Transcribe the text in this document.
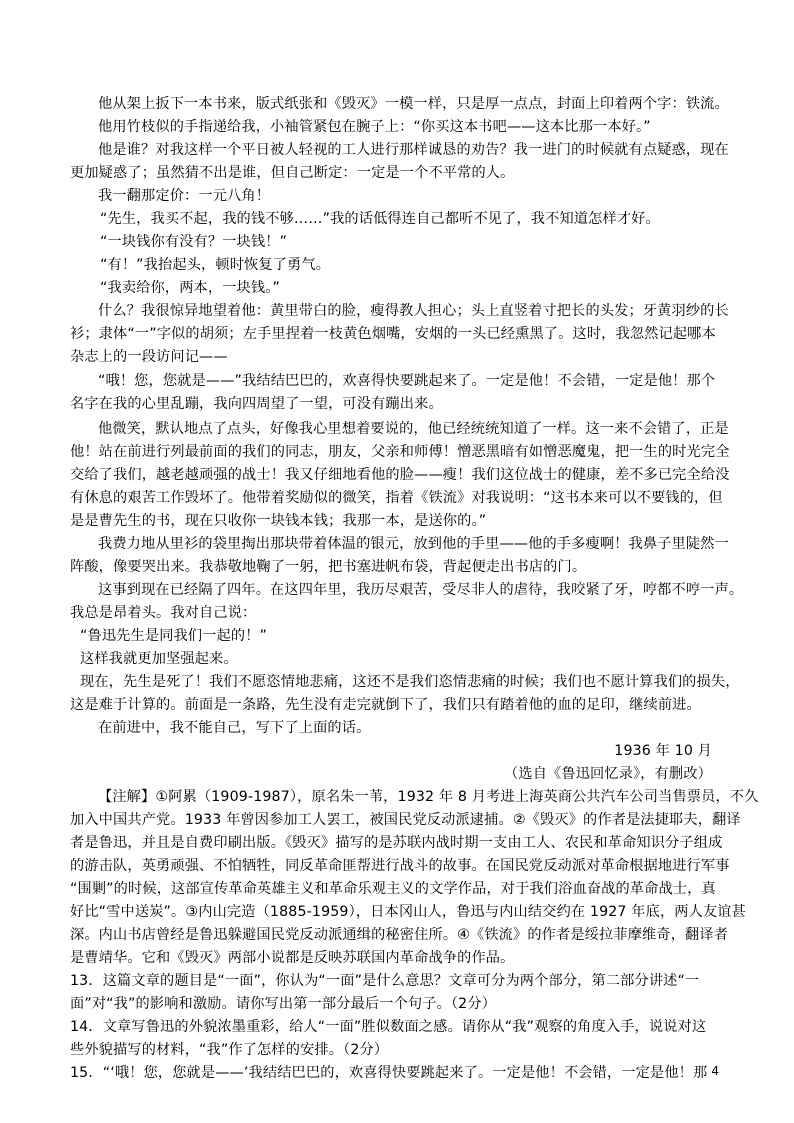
他从架上扳下一本书来，版式纸张和《毁灭》一模一样，只是厚一点点，封面上印着两个字：铁流。
他用竹枝似的手指递给我，小袖管紧包在腕子上：“你买这本书吧——这本比那一本好。”
他是谁？对我这样一个平日被人轻视的工人进行那样诚恳的劝告？我一进门的时候就有点疑惑，现在
更加疑惑了；虽然猜不出是谁，但自己断定：一定是一个不平常的人。
我一翻那定价：一元八角！
“先生，我买不起，我的钱不够……”我的话低得连自己都听不见了，我不知道怎样才好。
“一块钱你有没有？一块钱！”
“有！”我抬起头，顿时恢复了勇气。
“我卖给你，两本，一块钱。”
什么？我很惊异地望着他：黄里带白的脸，瘦得教人担心；头上直竖着寸把长的头发；牙黄羽纱的长
衫；隶体“一”字似的胡须；左手里捏着一枝黄色烟嘴，安烟的一头已经熏黑了。这时，我忽然记起哪本
杂志上的一段访问记——
“哦！您，您就是——”我结结巴巴的，欢喜得快要跳起来了。一定是他！不会错，一定是他！那个
名字在我的心里乱蹦，我向四周望了一望，可没有蹦出来。
他微笑，默认地点了点头，好像我心里想着要说的，他已经统统知道了一样。这一来不会错了，正是
他！站在前进行列最前面的我们的同志，朋友，父亲和师傅！憎恶黑暗有如憎恶魔鬼，把一生的时光完全
交给了我们，越老越顽强的战士！我又仔细地看他的脸——瘦！我们这位战士的健康，差不多已完全给没
有休息的艰苦工作毁坏了。他带着奖励似的微笑，指着《铁流》对我说明：“这书本来可以不要钱的，但
是是曹先生的书，现在只收你一块钱本钱；我那一本，是送你的。”
我费力地从里衫的袋里掏出那块带着体温的银元，放到他的手里——他的手多瘦啊！我鼻子里陡然一
阵酸，像要哭出来。我恭敬地鞠了一躬，把书塞进帆布袋，背起便走出书店的门。
这事到现在已经隔了四年。在这四年里，我历尽艰苦，受尽非人的虐待，我咬紧了牙，哼都不哼一声。
我总是昂着头。我对自己说：
“鲁迅先生是同我们一起的！”
这样我就更加坚强起来。
现在，先生是死了！我们不愿恣情地悲痛，这还不是我们恣情悲痛的时候；我们也不愿计算我们的损失，
这是难于计算的。前面是一条路，先生没有走完就倒下了，我们只有踏着他的血的足印，继续前进。
在前进中，我不能自己，写下了上面的话。
1936 年 10 月
（选自《鲁迅回忆录》，有删改）
【注解】①阿累（1909-1987），原名朱一苇，1932 年 8 月考进上海英商公共汽车公司当售票员，不久
加入中国共产党。1933 年曾因参加工人罢工，被国民党反动派逮捕。②《毁灭》的作者是法捷耶夫，翻译
者是鲁迅，并且是自费印刷出版。《毁灭》描写的是苏联内战时期一支由工人、农民和革命知识分子组成
的游击队，英勇顽强、不怕牺牲，同反革命匪帮进行战斗的故事。在国民党反动派对革命根据地进行军事
“围剿”的时候，这部宣传革命英雄主义和革命乐观主义的文学作品，对于我们浴血奋战的革命战士，真
好比“雪中送炭”。③内山完造（1885-1959），日本冈山人，鲁迅与内山结交约在 1927 年底，两人友谊甚
深。内山书店曾经是鲁迅躲避国民党反动派通缉的秘密住所。④《铁流》的作者是绥拉菲摩维奇，翻译者
是曹靖华。它和《毁灭》两部小说都是反映苏联国内革命战争的作品。
13．这篇文章的题目是“一面”，你认为“一面”是什么意思？文章可分为两个部分，第二部分讲述“一
面”对“我”的影响和激励。请你写出第一部分最后一个句子。（2分）
14．文章写鲁迅的外貌浓墨重彩，给人“一面”胜似数面之感。请你从“我”观察的角度入手，说说对这
些外貌描写的材料，“我”作了怎样的安排。（2分）
15．“‘哦！您，您就是——’我结结巴巴的，欢喜得快要跳起来了。一定是他！不会错，一定是他！那 4
